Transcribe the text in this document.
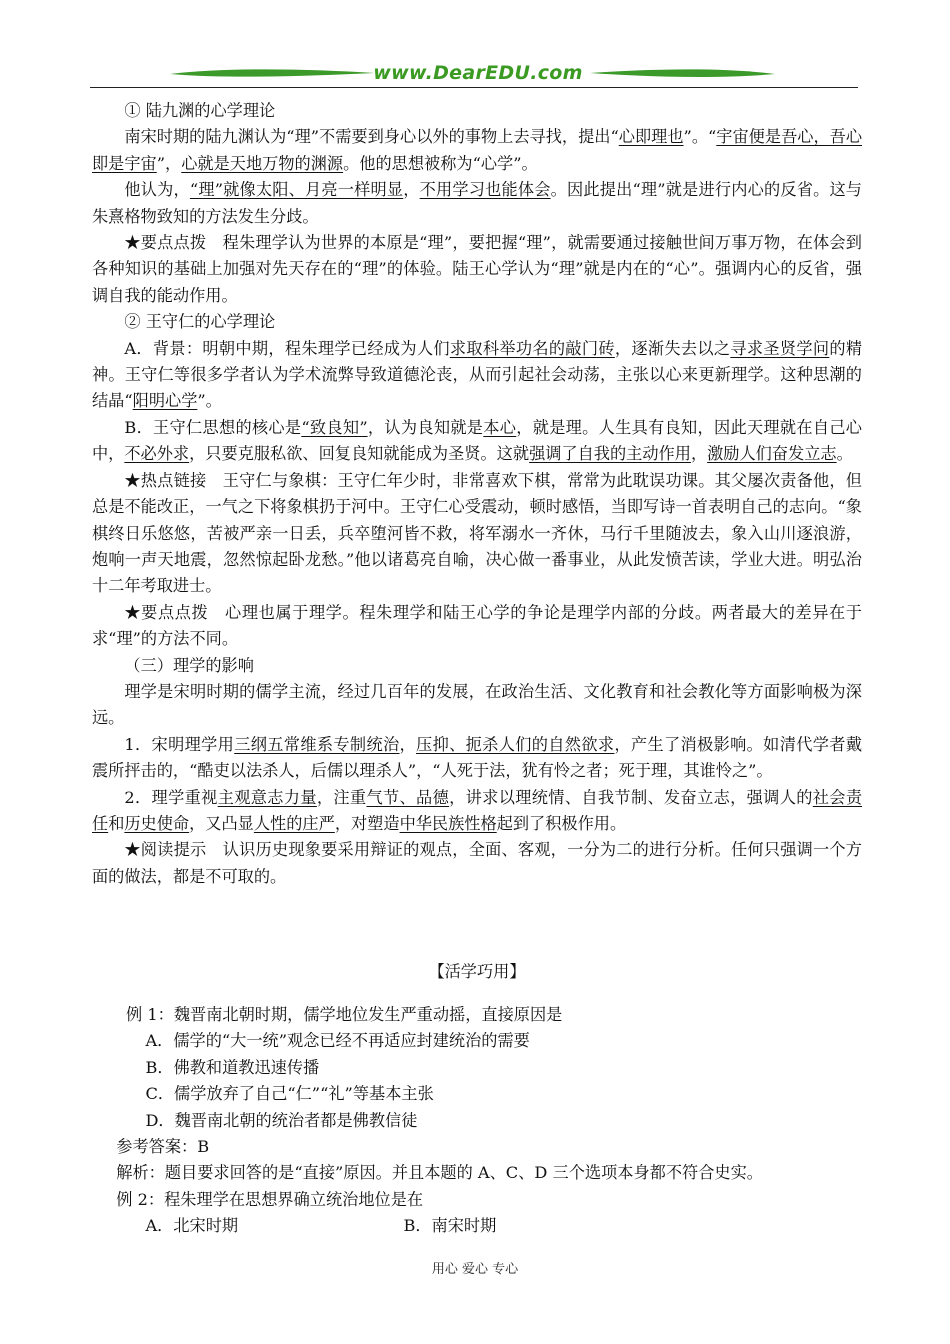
www.DearEDU.com

① 陆九渊的心学理论

南宋时期的陆九渊认为“理”不需要到身心以外的事物上去寻找，提出“心即理也”。“宇宙便是吾心，吾心即是宇宙”，心就是天地万物的渊源。他的思想被称为“心学”。

他认为，“理”就像太阳、月亮一样明显，不用学习也能体会。因此提出“理”就是进行内心的反省。这与朱熹格物致知的方法发生分歧。

★要点点拨　程朱理学认为世界的本原是“理”，要把握“理”，就需要通过接触世间万事万物，在体会到各种知识的基础上加强对先天存在的“理”的体验。陆王心学认为“理”就是内在的“心”。强调内心的反省，强调自我的能动作用。

② 王守仁的心学理论

A．背景：明朝中期，程朱理学已经成为人们求取科举功名的敲门砖，逐渐失去以之寻求圣贤学问的精神。王守仁等很多学者认为学术流弊导致道德沦丧，从而引起社会动荡，主张以心来更新理学。这种思潮的结晶“阳明心学”。

B．王守仁思想的核心是“致良知”，认为良知就是本心，就是理。人生具有良知，因此天理就在自己心中，不必外求，只要克服私欲、回复良知就能成为圣贤。这就强调了自我的主动作用，激励人们奋发立志。

★热点链接　王守仁与象棋：王守仁年少时，非常喜欢下棋，常常为此耽误功课。其父屡次责备他，但总是不能改正，一气之下将象棋扔于河中。王守仁心受震动，顿时感悟，当即写诗一首表明自己的志向。“象棋终日乐悠悠，苦被严亲一日丢，兵卒堕河皆不救，将军溺水一齐休，马行千里随波去，象入山川逐浪游，炮响一声天地震，忽然惊起卧龙愁。”他以诸葛亮自喻，决心做一番事业，从此发愤苦读，学业大进。明弘治十二年考取进士。

★要点点拨　心理也属于理学。程朱理学和陆王心学的争论是理学内部的分歧。两者最大的差异在于求“理”的方法不同。

（三）理学的影响

理学是宋明时期的儒学主流，经过几百年的发展，在政治生活、文化教育和社会教化等方面影响极为深远。

1．宋明理学用三纲五常维系专制统治，压抑、扼杀人们的自然欲求，产生了消极影响。如清代学者戴震所抨击的，“酷吏以法杀人，后儒以理杀人”，“人死于法，犹有怜之者；死于理，其谁怜之”。

2．理学重视主观意志力量，注重气节、品德，讲求以理统情、自我节制、发奋立志，强调人的社会责任和历史使命，又凸显人性的庄严，对塑造中华民族性格起到了积极作用。

★阅读提示　认识历史现象要采用辩证的观点，全面、客观，一分为二的进行分析。任何只强调一个方面的做法，都是不可取的。

【活学巧用】

例 1：魏晋南北朝时期，儒学地位发生严重动摇，直接原因是

A．儒学的“大一统”观念已经不再适应封建统治的需要

B．佛教和道教迅速传播

C．儒学放弃了自己“仁”“礼”等基本主张

D．魏晋南北朝的统治者都是佛教信徒

参考答案：B

解析：题目要求回答的是“直接”原因。并且本题的 A、C、D 三个选项本身都不符合史实。

例 2：程朱理学在思想界确立统治地位是在

A．北宋时期	B．南宋时期

用心 爱心 专心
